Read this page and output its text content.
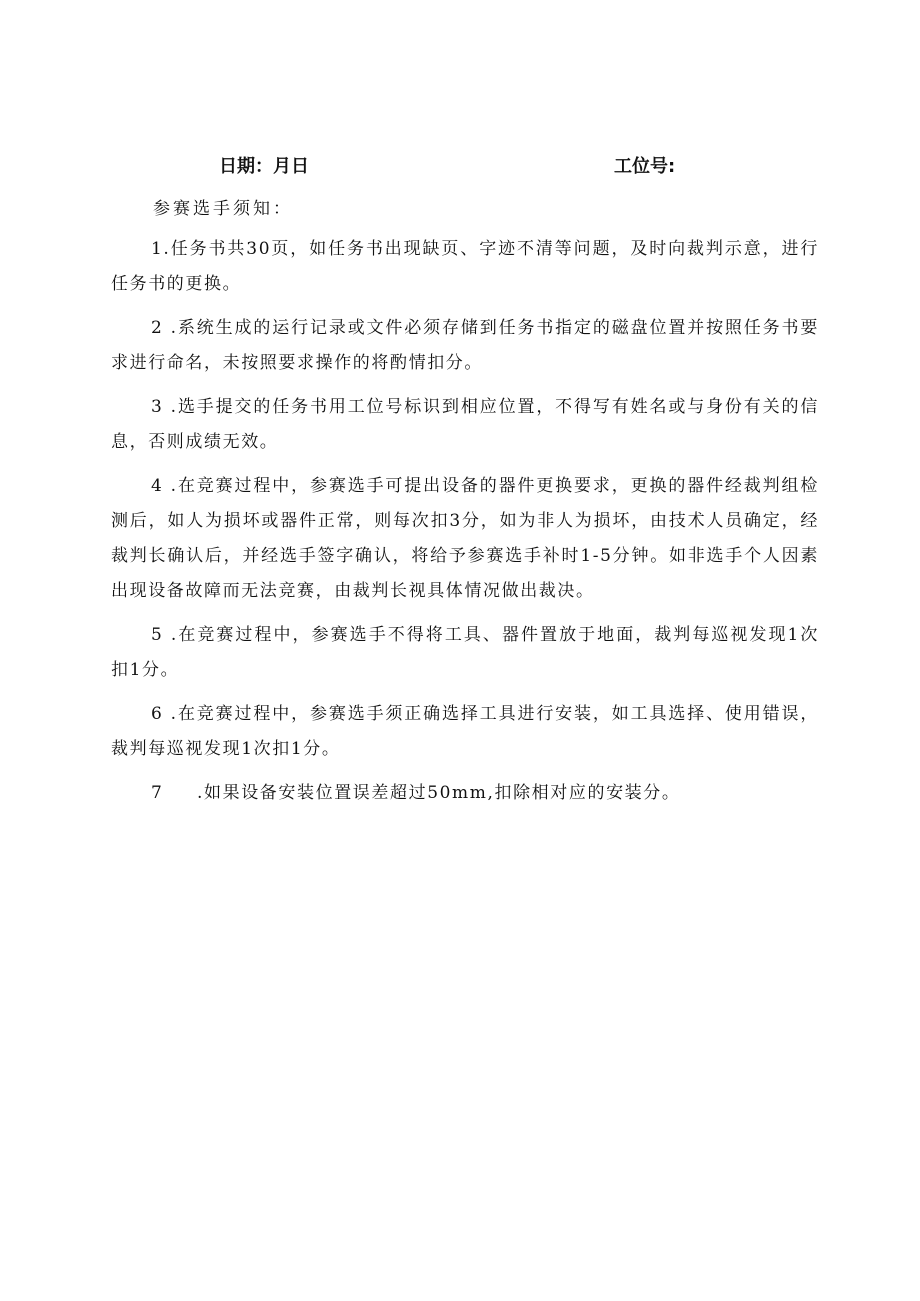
日期：月日	工位号:
参赛选手须知：
1.任务书共30页，如任务书出现缺页、字迹不清等问题，及时向裁判示意，进行任务书的更换。
2 .系统生成的运行记录或文件必须存储到任务书指定的磁盘位置并按照任务书要求进行命名，未按照要求操作的将酌情扣分。
3 .选手提交的任务书用工位号标识到相应位置，不得写有姓名或与身份有关的信息，否则成绩无效。
4 .在竞赛过程中，参赛选手可提出设备的器件更换要求，更换的器件经裁判组检测后，如人为损坏或器件正常，则每次扣3分，如为非人为损坏，由技术人员确定，经裁判长确认后，并经选手签字确认，将给予参赛选手补时1-5分钟。如非选手个人因素出现设备故障而无法竞赛，由裁判长视具体情况做出裁决。
5 .在竞赛过程中，参赛选手不得将工具、器件置放于地面，裁判每巡视发现1次扣1分。
6 .在竞赛过程中，参赛选手须正确选择工具进行安装，如工具选择、使用错误，裁判每巡视发现1次扣1分。
7 .如果设备安装位置误差超过50mm,扣除相对应的安装分。
